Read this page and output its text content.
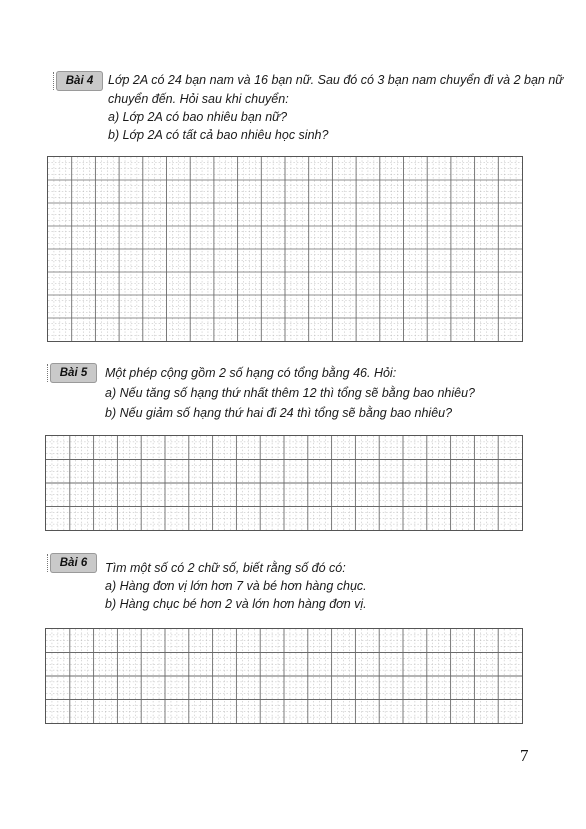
Bài 4	Lớp 2A có 24 bạn nam và 16 bạn nữ. Sau đó có 3 bạn nam chuyển đi và 2 bạn nữ
chuyển đến. Hỏi sau khi chuyển:
a) Lớp 2A có bao nhiêu bạn nữ?
b) Lớp 2A có tất cả bao nhiêu học sinh?
Bài 5	Một phép cộng gồm 2 số hạng có tổng bằng 46. Hỏi:
a) Nếu tăng số hạng thứ nhất thêm 12 thì tổng sẽ bằng bao nhiêu?
b) Nếu giảm số hạng thứ hai đi 24 thì tổng sẽ bằng bao nhiêu?
Bài 6	Tìm một số có 2 chữ số, biết rằng số đó có:
a) Hàng đơn vị lớn hơn 7 và bé hơn hàng chục.
b) Hàng chục bé hơn 2 và lớn hơn hàng đơn vị.
7
